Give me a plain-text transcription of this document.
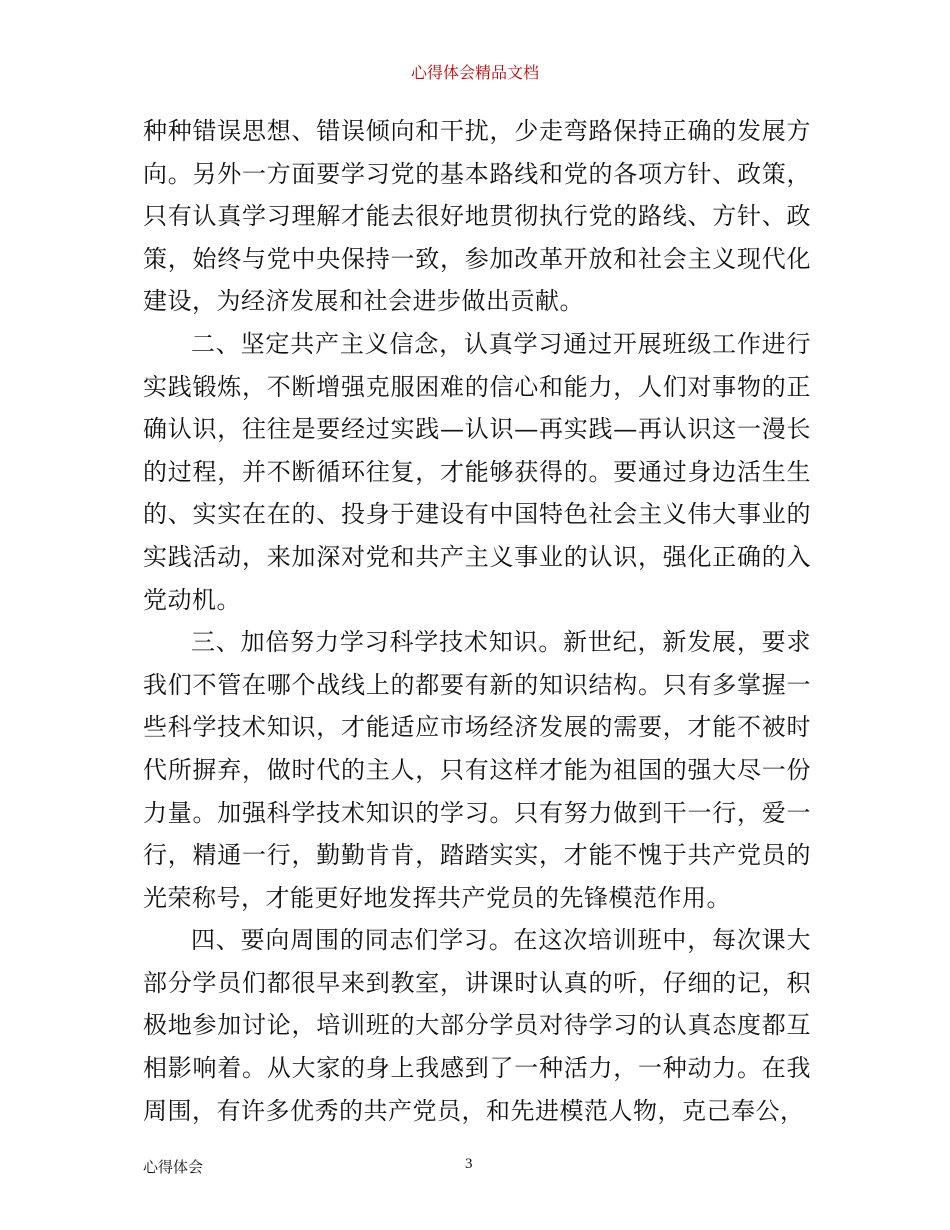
心得体会精品文档

种种错误思想、错误倾向和干扰，少走弯路保持正确的发展方向。另外一方面要学习党的基本路线和党的各项方针、政策，只有认真学习理解才能去很好地贯彻执行党的路线、方针、政策，始终与党中央保持一致，参加改革开放和社会主义现代化建设，为经济发展和社会进步做出贡献。

二、坚定共产主义信念，认真学习通过开展班级工作进行实践锻炼，不断增强克服困难的信心和能力，人们对事物的正确认识，往往是要经过实践—认识—再实践—再认识这一漫长的过程，并不断循环往复，才能够获得的。要通过身边活生生的、实实在在的、投身于建设有中国特色社会主义伟大事业的实践活动，来加深对党和共产主义事业的认识，强化正确的入党动机。

三、加倍努力学习科学技术知识。新世纪，新发展，要求我们不管在哪个战线上的都要有新的知识结构。只有多掌握一些科学技术知识，才能适应市场经济发展的需要，才能不被时代所摒弃，做时代的主人，只有这样才能为祖国的强大尽一份力量。加强科学技术知识的学习。只有努力做到干一行，爱一行，精通一行，勤勤肯肯，踏踏实实，才能不愧于共产党员的光荣称号，才能更好地发挥共产党员的先锋模范作用。

四、要向周围的同志们学习。在这次培训班中，每次课大部分学员们都很早来到教室，讲课时认真的听，仔细的记，积极地参加讨论，培训班的大部分学员对待学习的认真态度都互相影响着。从大家的身上我感到了一种活力，一种动力。在我周围，有许多优秀的共产党员，和先进模范人物，克己奉公，

心得体会	3
